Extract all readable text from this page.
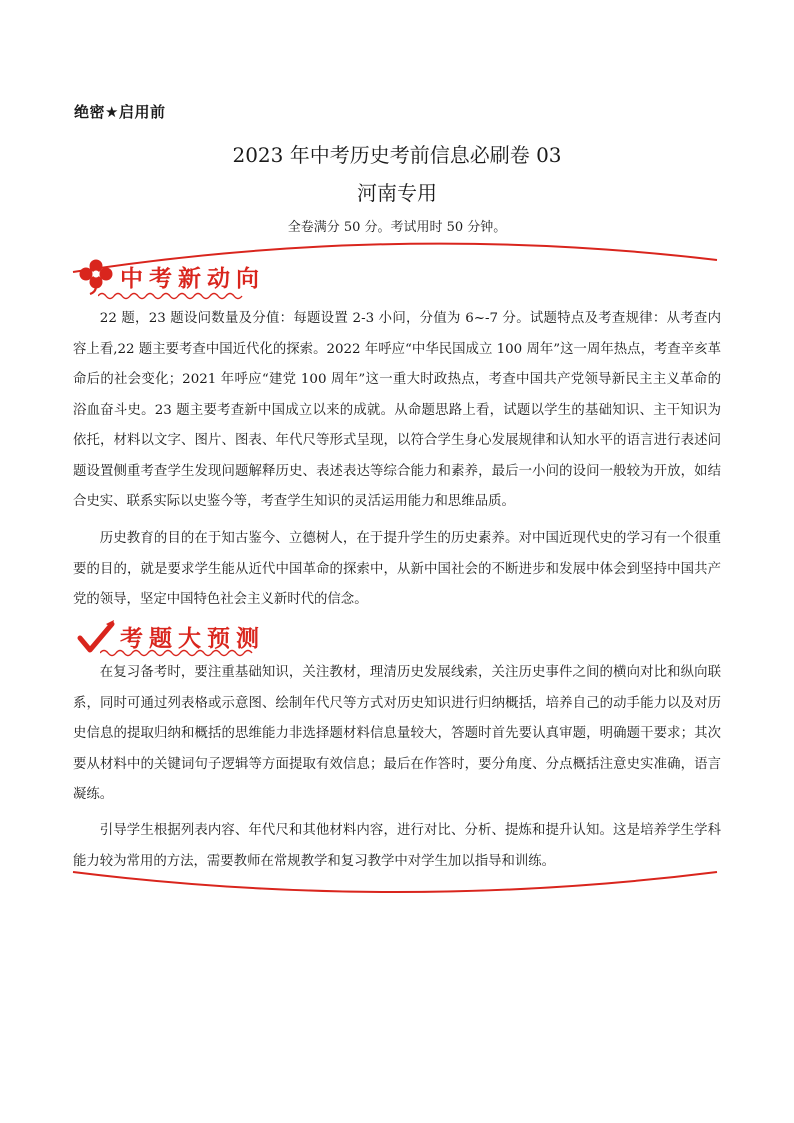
绝密★启用前
2023 年中考历史考前信息必刷卷 03
河南专用
全卷满分 50 分。考试用时 50 分钟。
中考新动向

22 题，23 题设问数量及分值：每题设置 2-3 小问，分值为 6~-7 分。试题特点及考查规律：从考查内容上看,22 题主要考查中国近代化的探索。2022 年呼应“中华民国成立 100 周年”这一周年热点，考查辛亥革命后的社会变化；2021 年呼应“建党 100 周年”这一重大时政热点，考查中国共产党领导新民主主义革命的浴血奋斗史。23 题主要考查新中国成立以来的成就。从命题思路上看，试题以学生的基础知识、主干知识为依托，材料以文字、图片、图表、年代尺等形式呈现，以符合学生身心发展规律和认知水平的语言进行表述问题设置侧重考查学生发现问题解释历史、表述表达等综合能力和素养，最后一小问的设问一般较为开放，如结合史实、联系实际以史鉴今等，考查学生知识的灵活运用能力和思维品质。

历史教育的目的在于知古鉴今、立德树人，在于提升学生的历史素养。对中国近现代史的学习有一个很重要的目的，就是要求学生能从近代中国革命的探索中，从新中国社会的不断进步和发展中体会到坚持中国共产党的领导，坚定中国特色社会主义新时代的信念。

考题大预测

在复习备考时，要注重基础知识，关注教材，理清历史发展线索，关注历史事件之间的横向对比和纵向联系，同时可通过列表格或示意图、绘制年代尺等方式对历史知识进行归纳概括，培养自己的动手能力以及对历史信息的提取归纳和概括的思维能力非选择题材料信息量较大，答题时首先要认真审题，明确题干要求；其次要从材料中的关键词句子逻辑等方面提取有效信息；最后在作答时，要分角度、分点概括注意史实准确，语言凝练。

引导学生根据列表内容、年代尺和其他材料内容，进行对比、分析、提炼和提升认知。这是培养学生学科能力较为常用的方法，需要教师在常规教学和复习教学中对学生加以指导和训练。
